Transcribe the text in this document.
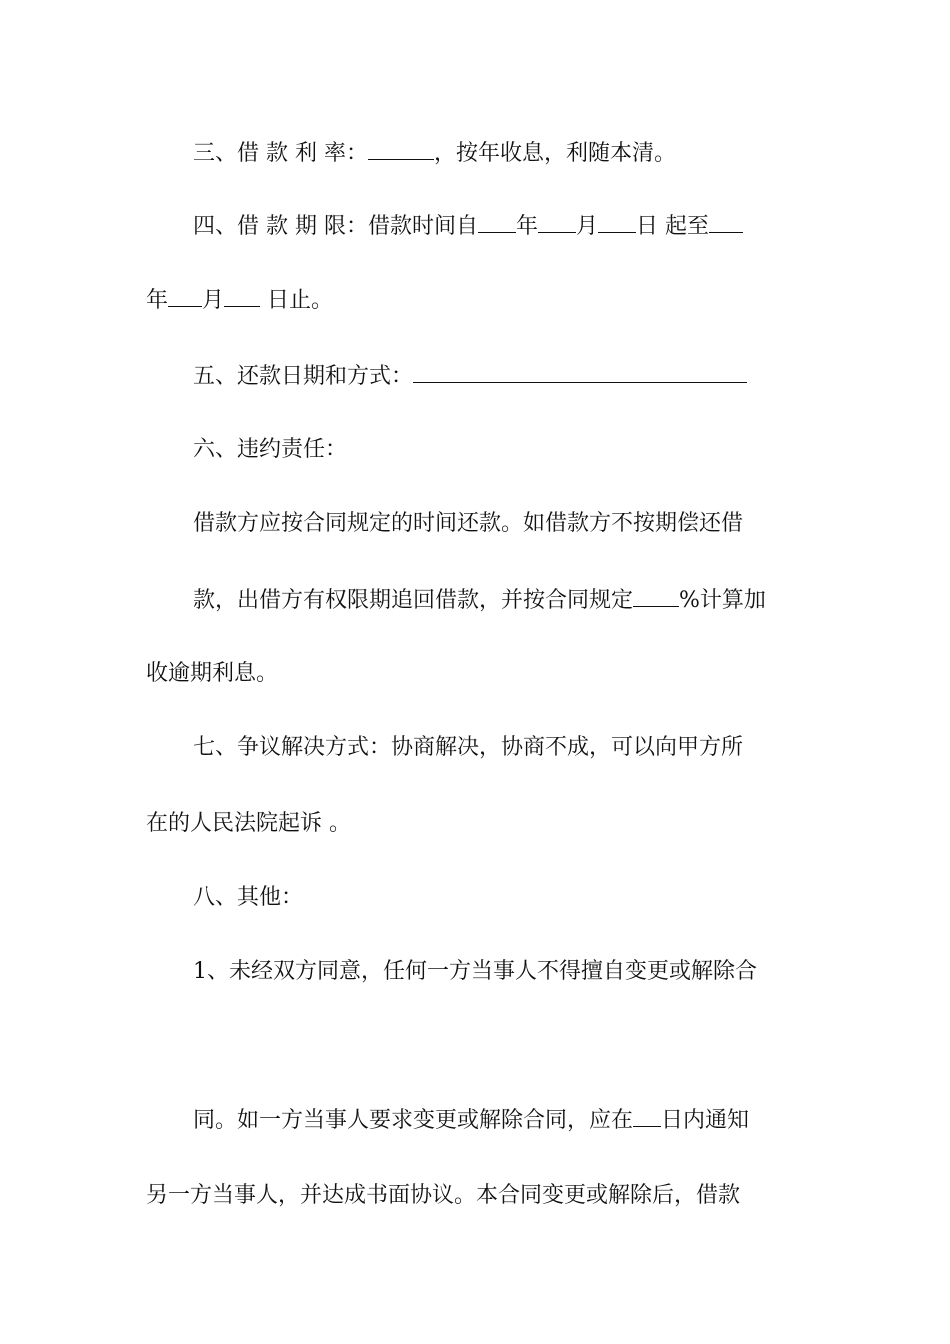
三、借 款 利 率：	，按年收息，利随本清。
四、借 款 期 限：借款时间自 年 月 日 起至
年 月 日止。
五、还款日期和方式：
六、违约责任：
借款方应按合同规定的时间还款。如借款方不按期偿还借
款，出借方有权限期追回借款，并按合同规定 %计算加
收逾期利息。
七、争议解决方式：协商解决，协商不成，可以向甲方所
在的人民法院起诉 。
八、其他：
1、未经双方同意，任何一方当事人不得擅自变更或解除合
同。如一方当事人要求变更或解除合同，应在 日内通知
另一方当事人，并达成书面协议。本合同变更或解除后，借款
